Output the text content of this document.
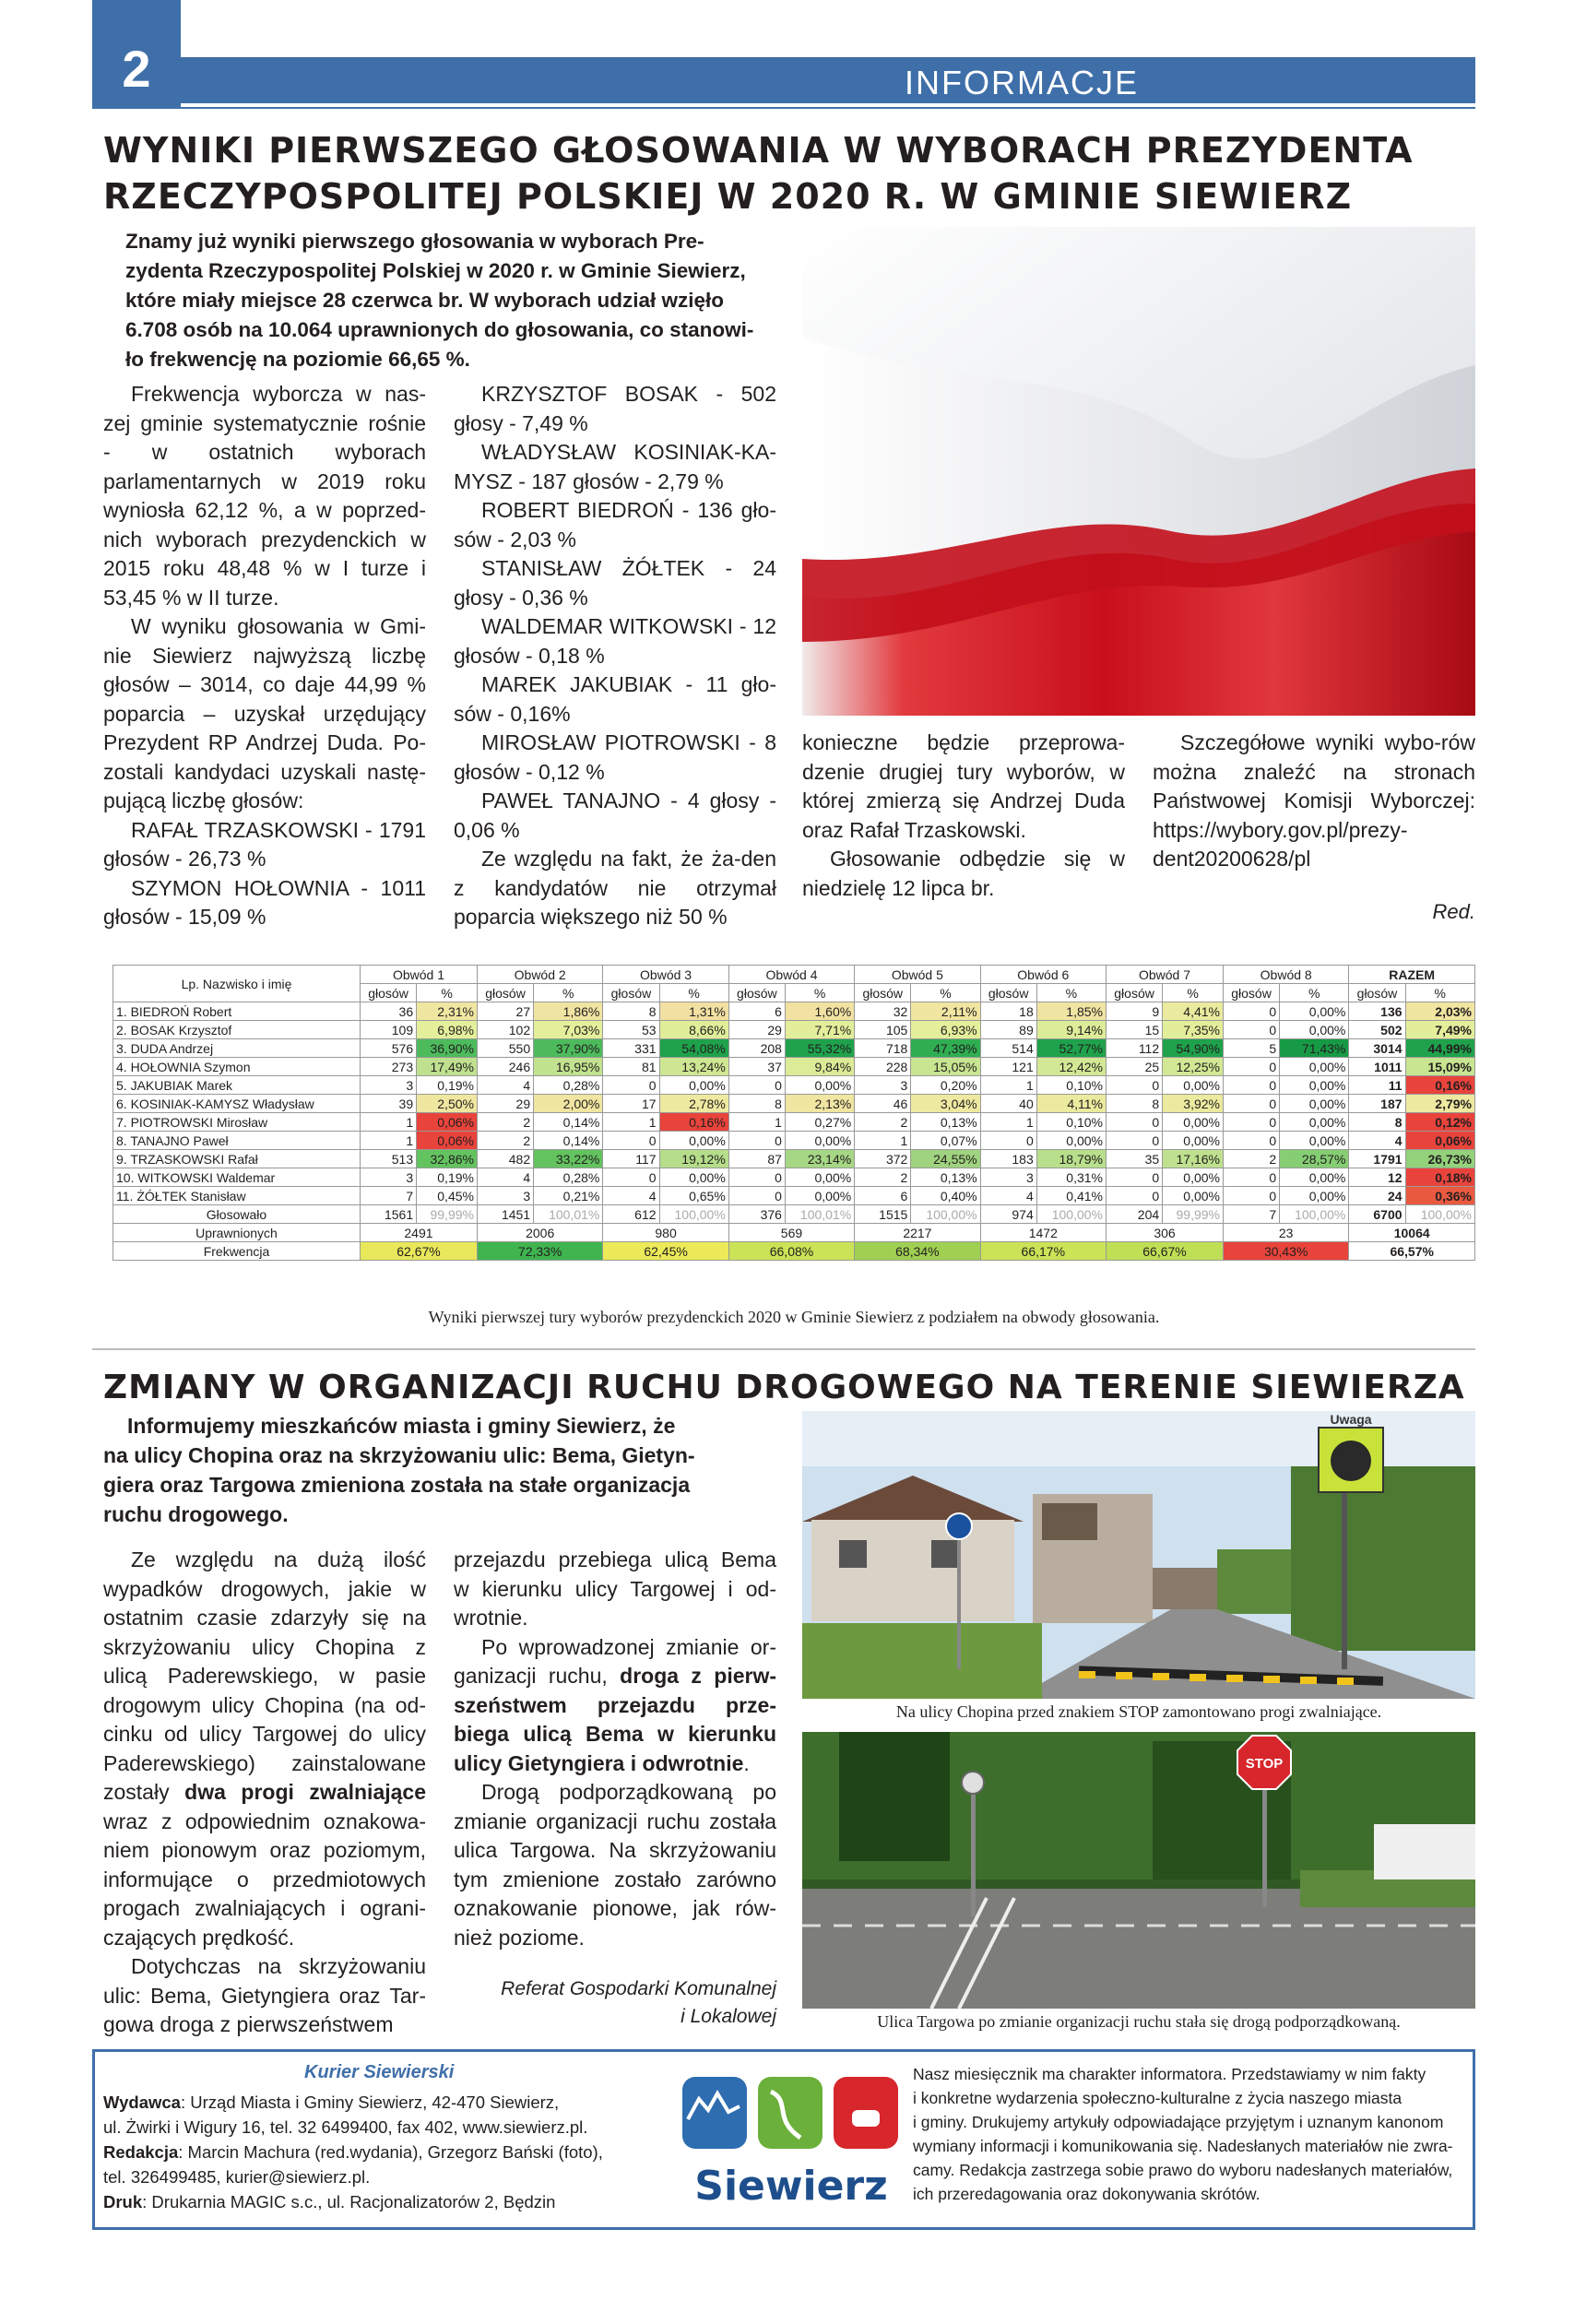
2	INFORMACJE
WYNIKI PIERWSZEGO GŁOSOWANIA W WYBORACH PREZYDENTA
RZECZYPOSPOLITEJ POLSKIEJ W 2020 R. W GMINIE SIEWIERZ
Znamy już wyniki pierwszego głosowania w wyborach Pre-
zydenta Rzeczypospolitej Polskiej w 2020 r. w Gminie Siewierz,
które miały miejsce 28 czerwca br. W wyborach udział wzięło
6.708 osób na 10.064 uprawnionych do głosowania, co stanowi-
ło frekwencję na poziomie 66,65 %.

Frekwencja wyborcza w nas-zej gminie systematycznie rośnie - w ostatnich wyborach parlamentarnych w 2019 roku wyniosła 62,12 %, a w poprzed-nich wyborach prezydenckich w 2015 roku 48,48 % w I turze i 53,45 % w II turze.

W wyniku głosowania w Gmi-nie Siewierz najwyższą liczbę głosów – 3014, co daje 44,99 % poparcia – uzyskał urzędujący Prezydent RP Andrzej Duda. Po-zostali kandydaci uzyskali nastę-pującą liczbę głosów:

RAFAŁ TRZASKOWSKI - 1791 głosów - 26,73 %

SZYMON HOŁOWNIA - 1011 głosów - 15,09 %

KRZYSZTOF BOSAK - 502 głosy - 7,49 %

WŁADYSŁAW KOSINIAK-KA-MYSZ - 187 głosów - 2,79 %

ROBERT BIEDROŃ - 136 gło-sów - 2,03 %

STANISŁAW ŻÓŁTEK - 24 głosy - 0,36 %

WALDEMAR WITKOWSKI - 12 głosów - 0,18 %

MAREK JAKUBIAK - 11 gło-sów - 0,16%

MIROSŁAW PIOTROWSKI - 8 głosów - 0,12 %

PAWEŁ TANAJNO - 4 głosy - 0,06 %

Ze względu na fakt, że ża-den z kandydatów nie otrzymał poparcia większego niż 50 %

konieczne będzie przeprowa-dzenie drugiej tury wyborów, w której zmierzą się Andrzej Duda oraz Rafał Trzaskowski.

Głosowanie odbędzie się w niedzielę 12 lipca br.

Szczegółowe wyniki wybo-rów można znaleźć na stronach Państwowej Komisji Wyborczej: https://wybory.gov.pl/prezy-dent20200628/pl

Red.
Lp. Nazwisko i imię	Obwód 1		Obwód 2		Obwód 3		Obwód 4		Obwód 5		Obwód 6		Obwód 7		Obwód 8		RAZEM	
	głosów	%	głosów	%	głosów	%	głosów	%	głosów	%	głosów	%	głosów	%	głosów	%	głosów	%
1. BIEDROŃ Robert	36	2,31%	27	1,86%	8	1,31%	6	1,60%	32	2,11%	18	1,85%	9	4,41%	0	0,00%	136	2,03%
2. BOSAK Krzysztof	109	6,98%	102	7,03%	53	8,66%	29	7,71%	105	6,93%	89	9,14%	15	7,35%	0	0,00%	502	7,49%
3. DUDA Andrzej	576	36,90%	550	37,90%	331	54,08%	208	55,32%	718	47,39%	514	52,77%	112	54,90%	5	71,43%	3014	44,99%
4. HOŁOWNIA Szymon	273	17,49%	246	16,95%	81	13,24%	37	9,84%	228	15,05%	121	12,42%	25	12,25%	0	0,00%	1011	15,09%
5. JAKUBIAK Marek	3	0,19%	4	0,28%	0	0,00%	0	0,00%	3	0,20%	1	0,10%	0	0,00%	0	0,00%	11	0,16%
6. KOSINIAK-KAMYSZ Władysław	39	2,50%	29	2,00%	17	2,78%	8	2,13%	46	3,04%	40	4,11%	8	3,92%	0	0,00%	187	2,79%
7. PIOTROWSKI Mirosław	1	0,06%	2	0,14%	1	0,16%	1	0,27%	2	0,13%	1	0,10%	0	0,00%	0	0,00%	8	0,12%
8. TANAJNO Paweł	1	0,06%	2	0,14%	0	0,00%	0	0,00%	1	0,07%	0	0,00%	0	0,00%	0	0,00%	4	0,06%
9. TRZASKOWSKI Rafał	513	32,86%	482	33,22%	117	19,12%	87	23,14%	372	24,55%	183	18,79%	35	17,16%	2	28,57%	1791	26,73%
10. WITKOWSKI Waldemar	3	0,19%	4	0,28%	0	0,00%	0	0,00%	2	0,13%	3	0,31%	0	0,00%	0	0,00%	12	0,18%
11. ŻÓŁTEK Stanisław	7	0,45%	3	0,21%	4	0,65%	0	0,00%	6	0,40%	4	0,41%	0	0,00%	0	0,00%	24	0,36%
Głosowało	1561	99,99%	1451	100,01%	612	100,00%	376	100,01%	1515	100,00%	974	100,00%	204	99,99%	7	100,00%	6700	100,00%
Uprawnionych	2491		2006		980		569		2217		1472		306		23		10064	
Frekwencja	62,67%		72,33%		62,45%		66,08%		68,34%		66,17%		66,67%		30,43%		66,57%	
Wyniki pierwszej tury wyborów prezydenckich 2020 w Gminie Siewierz z podziałem na obwody głosowania.
ZMIANY W ORGANIZACJI RUCHU DROGOWEGO NA TERENIE SIEWIERZA
Informujemy mieszkańców miasta i gminy Siewierz, że
na ulicy Chopina oraz na skrzyżowaniu ulic: Bema, Gietyn-
giera oraz Targowa zmieniona została na stałe organizacja
ruchu drogowego.

Ze względu na dużą ilość wypadków drogowych, jakie w ostatnim czasie zdarzyły się na skrzyżowaniu ulicy Chopina z ulicą Paderewskiego, w pasie drogowym ulicy Chopina (na od-cinku od ulicy Targowej do ulicy Paderewskiego) zainstalowane zostały dwa progi zwalniające wraz z odpowiednim oznakowa-niem pionowym oraz poziomym, informujące o przedmiotowych progach zwalniających i ograni-czających prędkość.

Dotychczas na skrzyżowaniu ulic: Bema, Gietyngiera oraz Tar-gowa droga z pierwszeństwem

przejazdu przebiega ulicą Bema w kierunku ulicy Targowej i od-wrotnie.

Po wprowadzonej zmianie or-ganizacji ruchu, droga z pierw-szeństwem przejazdu prze-biega ulicą Bema w kierunku ulicy Gietyngiera i odwrotnie.

Drogą podporządkowaną po zmianie organizacji ruchu została ulica Targowa. Na skrzyżowaniu tym zmienione zostało zarówno oznakowanie pionowe, jak rów-nież poziome.

Referat Gospodarki Komunalnej
i Lokalowej
Uwaga
Na ulicy Chopina przed znakiem STOP zamontowano progi zwalniające.
STOP
Ulica Targowa po zmianie organizacji ruchu stała się drogą podporządkowaną.
Kurier Siewierski
Wydawca: Urząd Miasta i Gminy Siewierz, 42-470 Siewierz,
ul. Żwirki i Wigury 16, tel. 32 6499400, fax 402, www.siewierz.pl.
Redakcja: Marcin Machura (red.wydania), Grzegorz Bański (foto),
tel. 326499485, kurier@siewierz.pl.
Druk: Drukarnia MAGIC s.c., ul. Racjonalizatorów 2, Będzin	Siewierz
Nasz miesięcznik ma charakter informatora. Przedstawiamy w nim fakty
i konkretne wydarzenia społeczno-kulturalne z życia naszego miasta
i gminy. Drukujemy artykuły odpowiadające przyjętym i uznanym kanonom
wymiany informacji i komunikowania się. Nadesłanych materiałów nie zwra-
camy. Redakcja zastrzega sobie prawo do wyboru nadesłanych materiałów,
ich przeredagowania oraz dokonywania skrótów.
